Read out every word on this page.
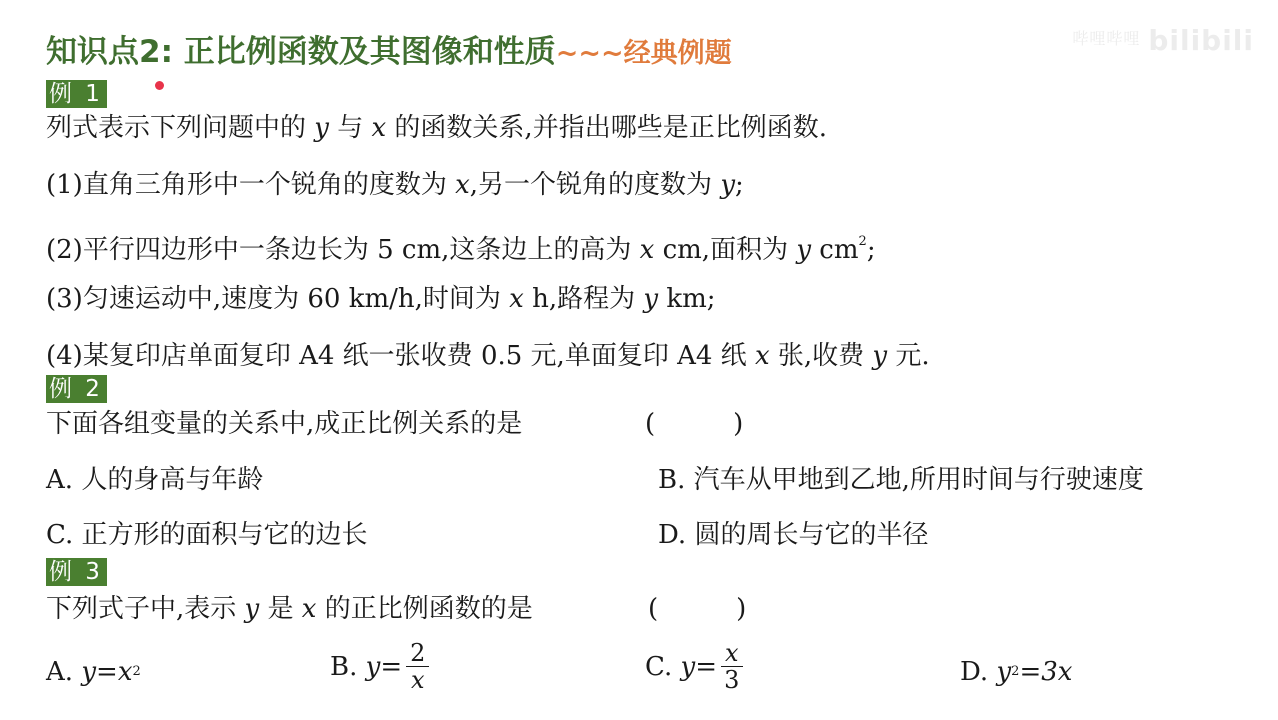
知识点2: 正比例函数及其图像和性质~~~经典例题	$^{哔哩哔哩}$ bilibili
例 1
列式表示下列问题中的 y 与 x 的函数关系,并指出哪些是正比例函数.
(1)直角三角形中一个锐角的度数为 x,另一个锐角的度数为 y;
(2)平行四边形中一条边长为 5 cm,这条边上的高为 x cm,面积为 y $cm^2$;
(3)匀速运动中,速度为 60 km/h,时间为 x h,路程为 y km;
(4)某复印店单面复印 A4 纸一张收费 0.5 元,单面复印 A4 纸 x 张,收费 y 元.
例 2
下面各组变量的关系中,成正比例关系的是	(　　　)
A. 人的身高与年龄	B. 汽车从甲地到乙地,所用时间与行驶速度
C. 正方形的面积与它的边长	D. 圆的周长与它的半径
例 3
下列式子中,表示 y 是 x 的正比例函数的是	(　　　)
A.
y = x 2	B.
$y = \frac{2}{x}$	C.
$y = \frac{x}{3}$	D.
y 2 = 3x
